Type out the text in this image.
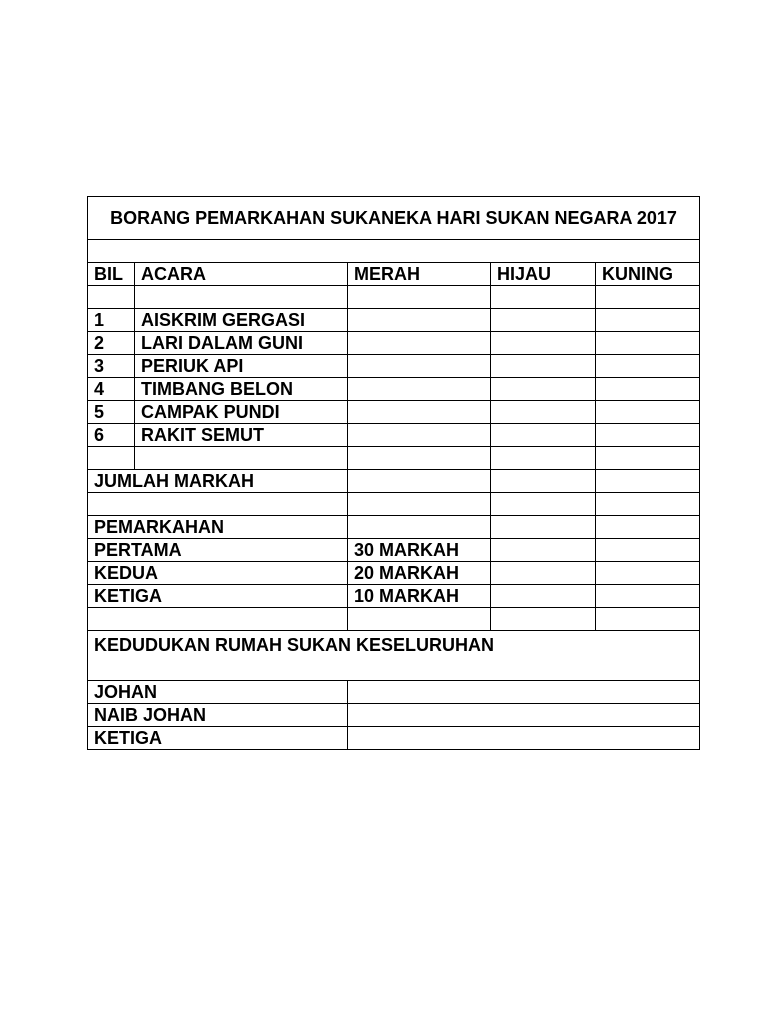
BORANG PEMARKAHAN SUKANEKA HARI SUKAN NEGARA 2017				

BIL	ACARA	MERAH	HIJAU	KUNING

1	AISKRIM GERGASI			
2	LARI DALAM GUNI			
3	PERIUK API			
4	TIMBANG BELON			
5	CAMPAK PUNDI			
6	RAKIT SEMUT			

JUMLAH MARKAH				

PEMARKAHAN				
PERTAMA		30 MARKAH		
KEDUA		20 MARKAH		
KETIGA		10 MARKAH		

KEDUDUKAN RUMAH SUKAN KESELURUHAN				
JOHAN				
NAIB JOHAN				
KETIGA				
